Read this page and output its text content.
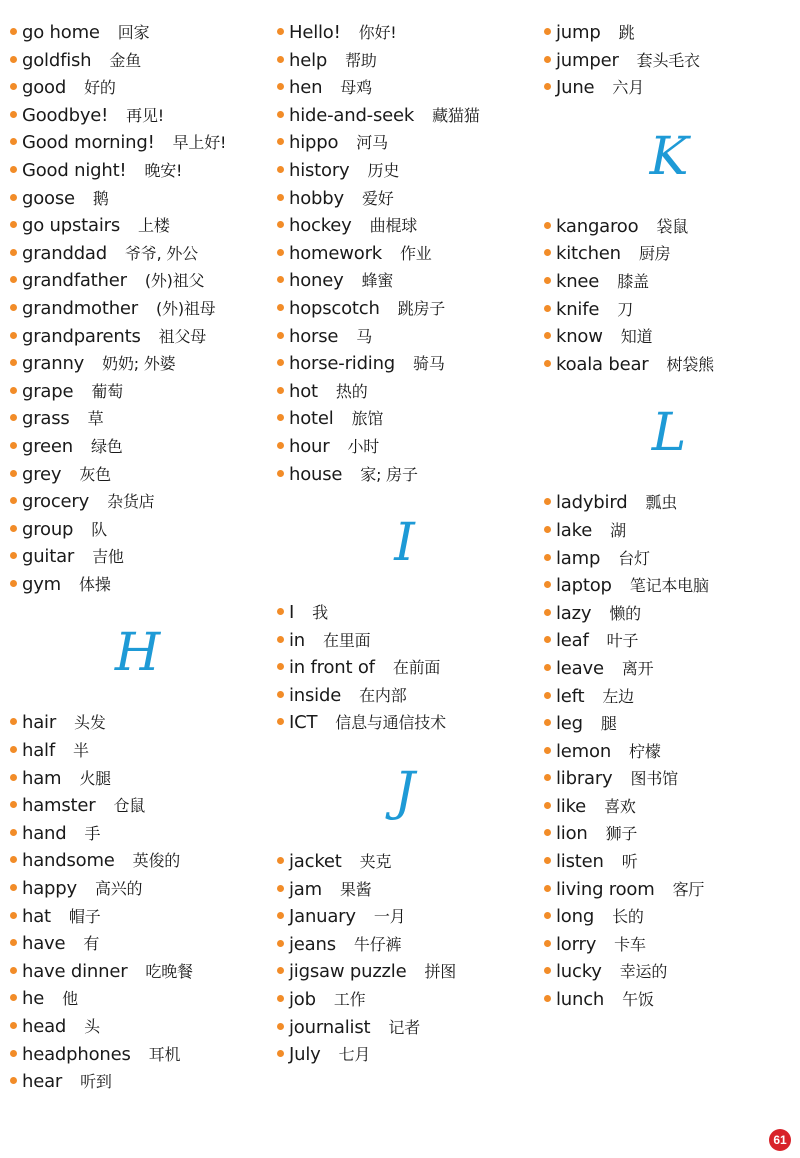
go home 回家
goldfish 金鱼
good 好的
Goodbye! 再见!
Good morning! 早上好!
Good night! 晚安!
goose 鹅
go upstairs 上楼
granddad 爷爷, 外公
grandfather (外)祖父
grandmother (外)祖母
grandparents 祖父母
granny 奶奶; 外婆
grape 葡萄
grass 草
green 绿色
grey 灰色
grocery 杂货店
group 队
guitar 吉他
gym 体操
H
hair 头发
half 半
ham 火腿
hamster 仓鼠
hand 手
handsome 英俊的
happy 高兴的
hat 帽子
have 有
have dinner 吃晚餐
he 他
head 头
headphones 耳机
hear 听到
Hello! 你好!
help 帮助
hen 母鸡
hide-and-seek 藏猫猫
hippo 河马
history 历史
hobby 爱好
hockey 曲棍球
homework 作业
honey 蜂蜜
hopscotch 跳房子
horse 马
horse-riding 骑马
hot 热的
hotel 旅馆
hour 小时
house 家; 房子
I
I 我
in 在里面
in front of 在前面
inside 在内部
ICT 信息与通信技术
J
jacket 夹克
jam 果酱
January 一月
jeans 牛仔裤
jigsaw puzzle 拼图
job 工作
journalist 记者
July 七月
jump 跳
jumper 套头毛衣
June 六月
K
kangaroo 袋鼠
kitchen 厨房
knee 膝盖
knife 刀
know 知道
koala bear 树袋熊
L
ladybird 瓢虫
lake 湖
lamp 台灯
laptop 笔记本电脑
lazy 懒的
leaf 叶子
leave 离开
left 左边
leg 腿
lemon 柠檬
library 图书馆
like 喜欢
lion 狮子
listen 听
living room 客厅
long 长的
lorry 卡车
lucky 幸运的
lunch 午饭
61
